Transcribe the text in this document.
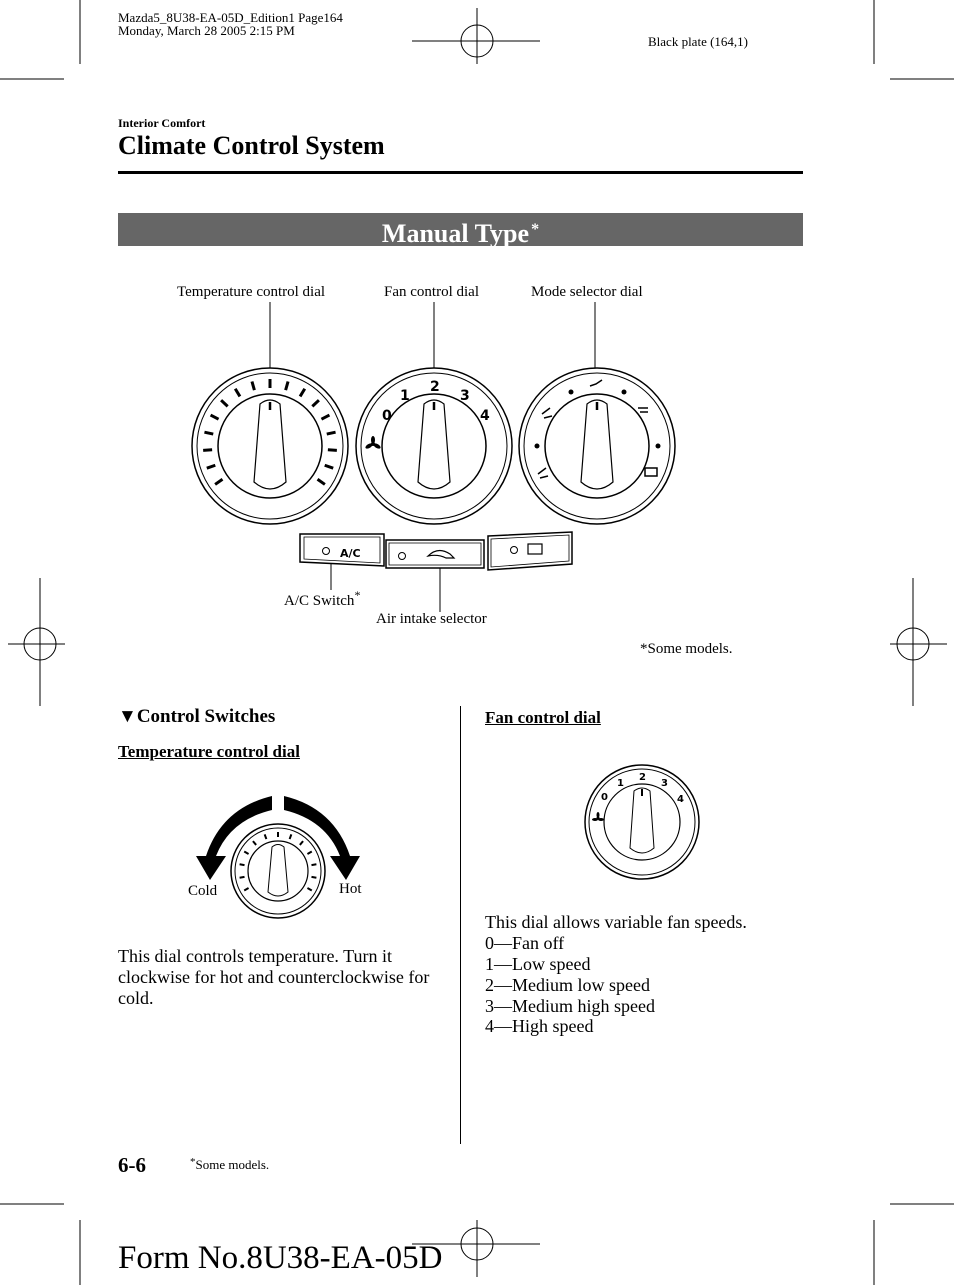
Mazda5_8U38-EA-05D_Edition1 Page164
Monday, March 28 2005 2:15 PM
Black plate (164,1)
Interior Comfort
Climate Control System
Manual Type *
Temperature control dial	Fan control dial	Mode selector dial
A/C Switch*
Air intake selector
*Some models.
0
1
2
3
4
A/C
▼Control Switches
Temperature control dial
Cold	Hot
This dial controls temperature. Turn it clockwise for hot and counterclockwise for cold.
Fan control dial
0
1
2
3
4
This dial allows variable fan speeds.
0—Fan off
1—Low speed
2—Medium low speed
3—Medium high speed
4—High speed
6-6	*Some models.
Form No.8U38-EA-05D
